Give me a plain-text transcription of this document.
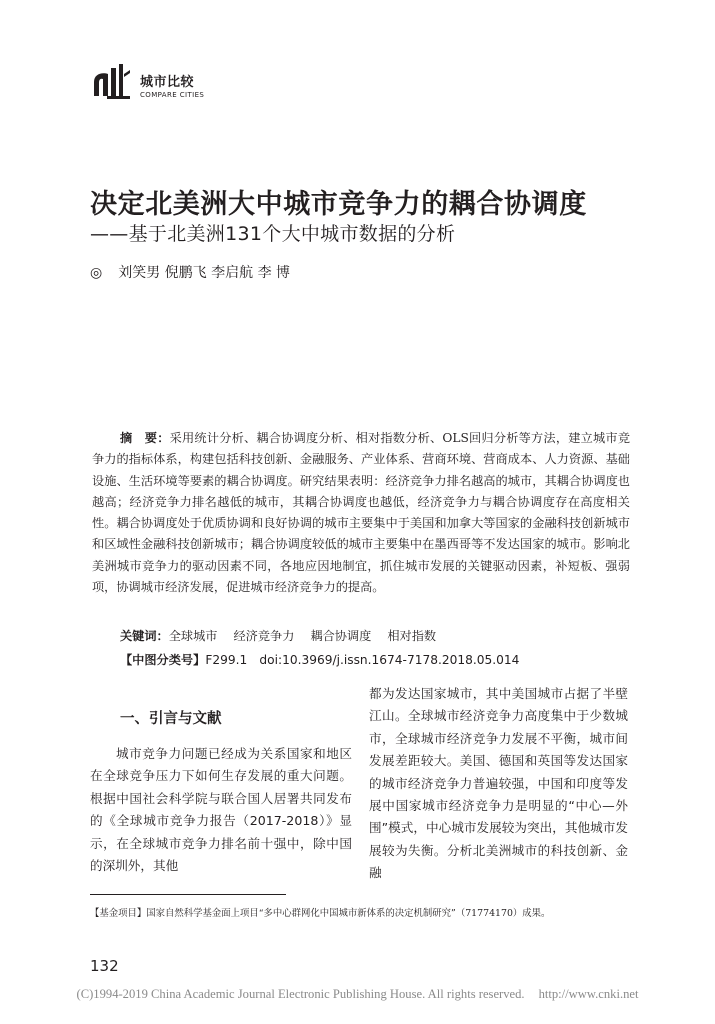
城市比较
COMPARE CITIES
决定北美洲大中城市竞争力的耦合协调度
——基于北美洲131个大中城市数据的分析
◎ 刘笑男 倪鹏飞 李启航 李 博
摘　要：采用统计分析、耦合协调度分析、相对指数分析、OLS回归分析等方法，建立城市竞争力的指标体系，构建包括科技创新、金融服务、产业体系、营商环境、营商成本、人力资源、基础设施、生活环境等要素的耦合协调度。研究结果表明：经济竞争力排名越高的城市，其耦合协调度也越高；经济竞争力排名越低的城市，其耦合协调度也越低，经济竞争力与耦合协调度存在高度相关性。耦合协调度处于优质协调和良好协调的城市主要集中于美国和加拿大等国家的金融科技创新城市和区域性金融科技创新城市；耦合协调度较低的城市主要集中在墨西哥等不发达国家的城市。影响北美洲城市竞争力的驱动因素不同，各地应因地制宜，抓住城市发展的关键驱动因素，补短板、强弱项，协调城市经济发展，促进城市经济竞争力的提高。
关键词：全球城市 经济竞争力 耦合协调度 相对指数
【中图分类号】F299.1　doi:10.3969/j.issn.1674-7178.2018.05.014
一、引言与文献
城市竞争力问题已经成为关系国家和地区在全球竞争压力下如何生存发展的重大问题。根据中国社会科学院与联合国人居署共同发布的《全球城市竞争力报告（2017-2018）》显示，在全球城市竞争力排名前十强中，除中国的深圳外，其他
都为发达国家城市，其中美国城市占据了半壁江山。全球城市经济竞争力高度集中于少数城市，全球城市经济竞争力发展不平衡，城市间发展差距较大。美国、德国和英国等发达国家的城市经济竞争力普遍较强，中国和印度等发展中国家城市经济竞争力是明显的“中心—外围”模式，中心城市发展较为突出，其他城市发展较为失衡。分析北美洲城市的科技创新、金融
【基金项目】国家自然科学基金面上项目“多中心群网化中国城市新体系的决定机制研究”（71774170）成果。
132
(C)1994-2019 China Academic Journal Electronic Publishing House. All rights reserved. http://www.cnki.net
